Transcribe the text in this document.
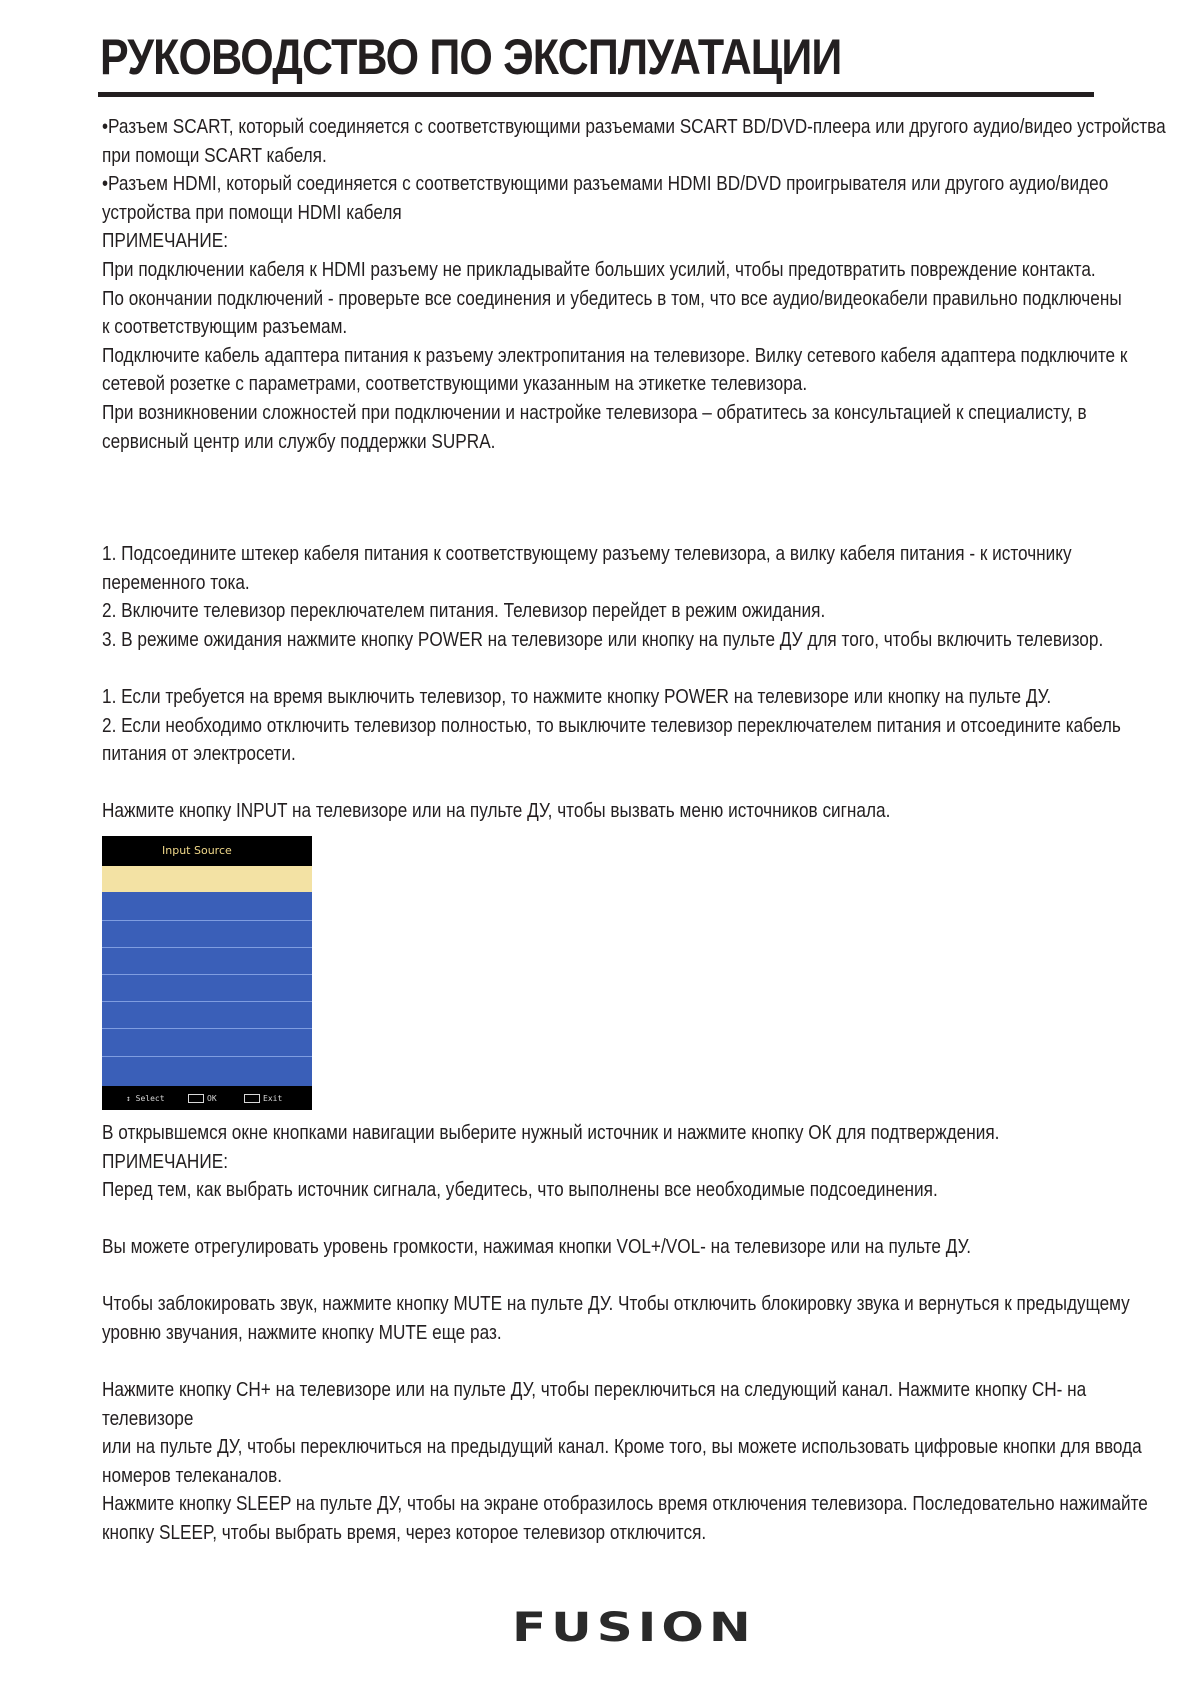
РУКОВОДСТВО ПО ЭКСПЛУАТАЦИИ

•Разъем SCART, который соединяется с соответствующими разъемами SCART BD/DVD-плеера или другого аудио/видео устройства

при помощи SCART кабеля.

•Разъем HDMI, который соединяется с соответствующими разъемами HDMI BD/DVD проигрывателя или другого аудио/видео

устройства при помощи HDMI кабеля

ПРИМЕЧАНИЕ:

При подключении кабеля к HDMI разъему не прикладывайте больших усилий, чтобы предотвратить повреждение контакта.

По окончании подключений - проверьте все соединения и убедитесь в том, что все аудио/видеокабели правильно подключены

к соответствующим разъемам.

Подключите кабель адаптера питания к разъему электропитания на телевизоре. Вилку сетевого кабеля адаптера подключите к

сетевой розетке с параметрами, соответствующими указанным на этикетке телевизора.

При возникновении сложностей при подключении и настройке телевизора – обратитесь за консультацией к специалисту, в

сервисный центр или службу поддержки SUPRA.

1. Подсоедините штекер кабеля питания к соответствующему разъему телевизора, а вилку кабеля питания - к источнику

переменного тока.

2. Включите телевизор переключателем питания. Телевизор перейдет в режим ожидания.

3. В режиме ожидания нажмите кнопку POWER на телевизоре или кнопку на пульте ДУ для того, чтобы включить телевизор.

1. Если требуется на время выключить телевизор, то нажмите кнопку POWER на телевизоре или кнопку на пульте ДУ.

2. Если необходимо отключить телевизор полностью, то выключите телевизор переключателем питания и отсоедините кабель

питания от электросети.

Нажмите кнопку INPUT на телевизоре или на пульте ДУ, чтобы вызвать меню источников сигнала.

Input Source
↕ Select	OK	Exit

В открывшемся окне кнопками навигации выберите нужный источник и нажмите кнопку ОК для подтверждения.

ПРИМЕЧАНИЕ:

Перед тем, как выбрать источник сигнала, убедитесь, что выполнены все необходимые подсоединения.

Вы можете отрегулировать уровень громкости, нажимая кнопки VOL+/VOL- на телевизоре или на пульте ДУ.

Чтобы заблокировать звук, нажмите кнопку MUTE на пульте ДУ. Чтобы отключить блокировку звука и вернуться к предыдущему

уровню звучания, нажмите кнопку MUTE еще раз.

Нажмите кнопку CH+ на телевизоре или на пульте ДУ, чтобы переключиться на следующий канал. Нажмите кнопку CH- на телевизоре

или на пульте ДУ, чтобы переключиться на предыдущий канал. Кроме того, вы можете использовать цифровые кнопки для ввода

номеров телеканалов.

Нажмите кнопку SLEEP на пульте ДУ, чтобы на экране отобразилось время отключения телевизора. Последовательно нажимайте

кнопку SLEEP, чтобы выбрать время, через которое телевизор отключится.

FUSION
